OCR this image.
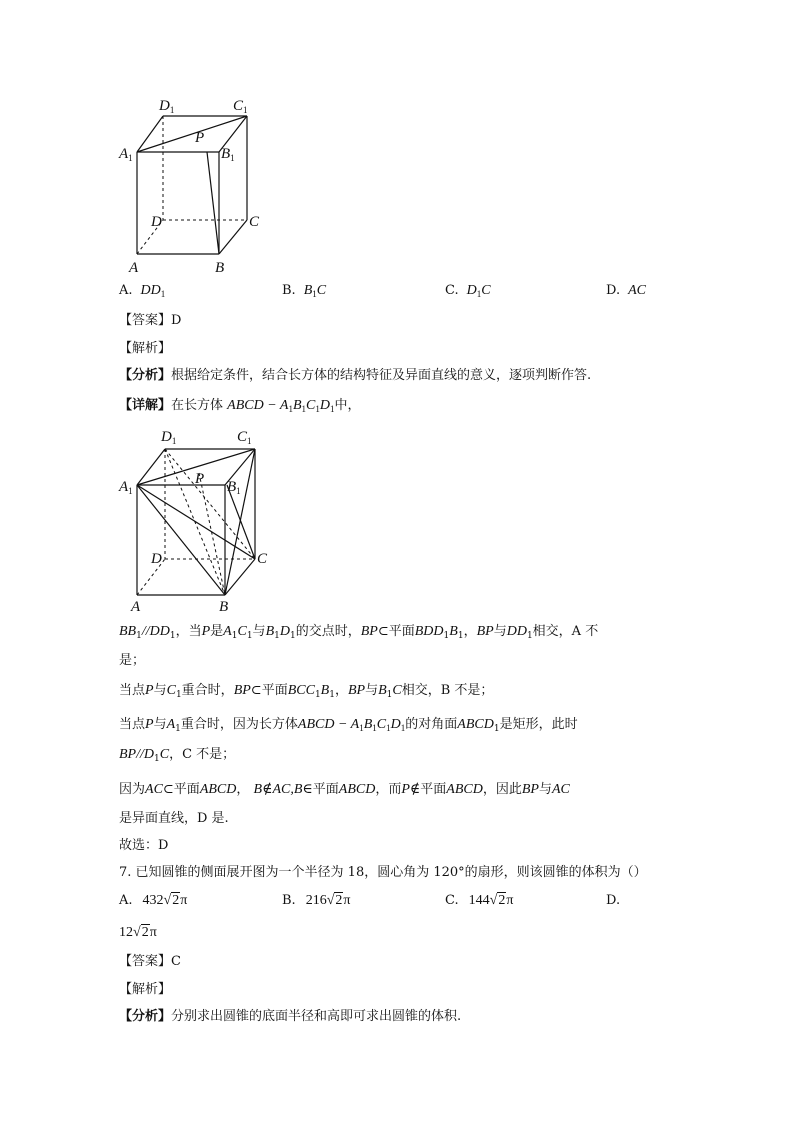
$D_1$	$C_1$
$A_1$	$B_1$
P
D	C
A	B
A. $DD_1$	B. $B_1C$	C. $D_1C$	D. AC
【答案】D
【解析】
【分析】根据给定条件，结合长方体的结构特征及异面直线的意义，逐项判断作答.
【详解】在长方体 ABCD − $A_1B_1C_1D_1$中，
$D_1$	$C_1$
$A_1$	$B_1$
P
D	C
A	B
$BB_1//DD_1$，当P是$A_1C_1$与$B_1D_1$的交点时，BP⊂平面$BDD_1B_1$，BP与$DD_1$相交，A 不
是；
当点P与$C_1$重合时，BP⊂平面$BCC_1B_1$，BP与$B_1C$相交，B 不是；
当点P与$A_1$重合时，因为长方体ABCD − $A_1B_1C_1D_1$的对角面$ABCD_1$是矩形，此时
$BP//D_1C$，C 不是；
因为AC⊂平面ABCD， B∉AC,B∈平面ABCD，而P∉平面ABCD，因此BP与AC
是异面直线，D 是.
故选：D
7. 已知圆锥的侧面展开图为一个半径为 18，圆心角为 120°的扇形，则该圆锥的体积为（）
A. 432√2π	B. 216√2π	C. 144√2π	D.
12√2π
【答案】C
【解析】
【分析】分别求出圆锥的底面半径和高即可求出圆锥的体积.
